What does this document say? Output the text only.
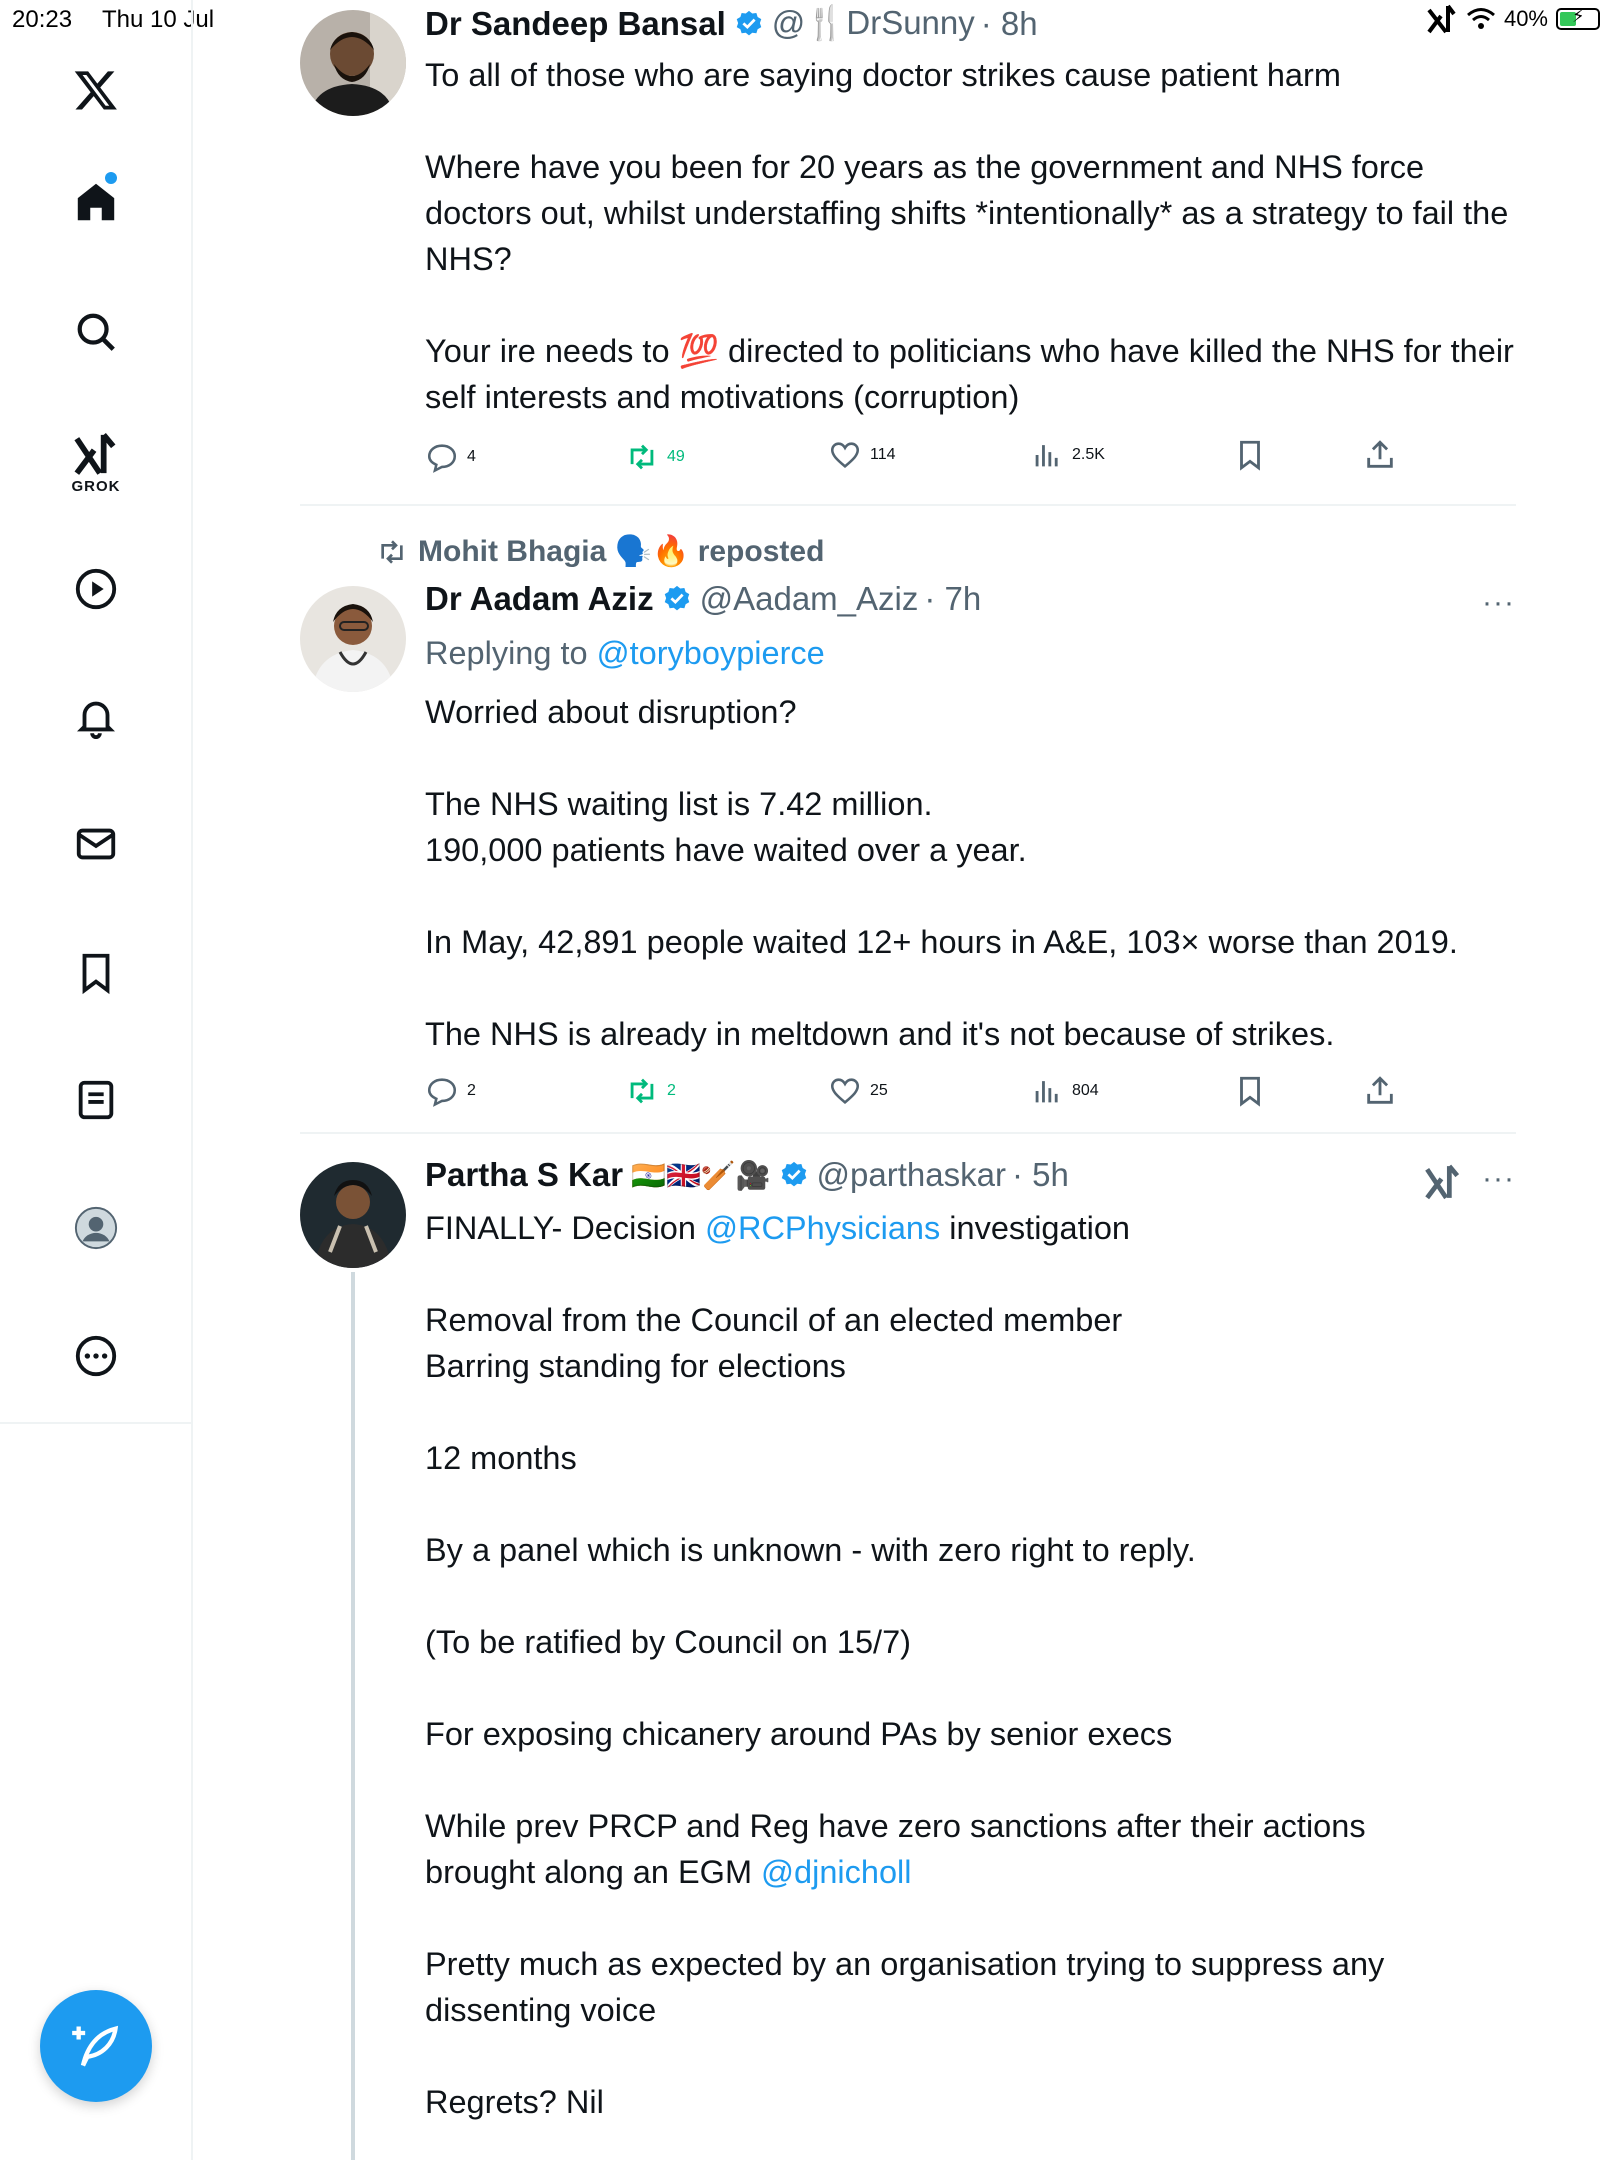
20:23 Thu 10 Jul	40% ⚡
GROK
Dr Sandeep Bansal @🍴DrSunny · 8h
To all of those who are saying doctor strikes cause patient harm

Where have you been for 20 years as the government and NHS force doctors out, whilst understaffing shifts *intentionally* as a strategy to fail the NHS?

Your ire needs to 💯 directed to politicians who have killed the NHS for their self interests and motivations (corruption)
4	49	114	2.5K
Mohit Bhagia 🗣️🔥 reposted
Dr Aadam Aziz @Aadam_Aziz · 7h	···
Replying to @toryboypierce
Worried about disruption?

The NHS waiting list is 7.42 million.
190,000 patients have waited over a year.

In May, 42,891 people waited 12+ hours in A&E, 103× worse than 2019.

The NHS is already in meltdown and it's not because of strikes.
2	2	25	804
Partha S Kar 🇮🇳🇬🇧🏏🎥 @parthaskar · 5h	···
FINALLY- Decision @RCPhysicians investigation
Removal from the Council of an elected member
Barring standing for elections

12 months

By a panel which is unknown - with zero right to reply.

(To be ratified by Council on 15/7)

For exposing chicanery around PAs by senior execs

While prev PRCP and Reg have zero sanctions after their actions
brought along an EGM @djnicholl
Pretty much as expected by an organisation trying to suppress any
dissenting voice

Regrets? Nil
